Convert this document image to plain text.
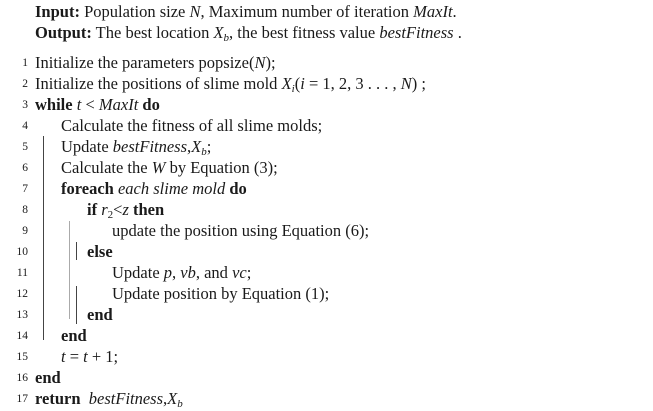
Input: Population size N, Maximum number of iteration MaxIt.
Output: The best location $X_b$, the best fitness value bestFitness .
1 Initialize the parameters popsize(N);
2 Initialize the positions of slime mold $X_i(i = 1$, 2, 3 . . . , N) ;
3 while t < MaxIt do
4 Calculate the fitness of all slime molds;
5 Update $bestFitness,X_b$;
6 Calculate the W by Equation (3);
7 foreach each slime mold do
8	if $r_2<z$ then
9	update the position using Equation (6);
10	else
11	Update p, vb, and vc;
12	Update position by Equation (1);
13	end
14 end
15 t = t + 1;
16 end
17 return  $bestFitness,X_b$
